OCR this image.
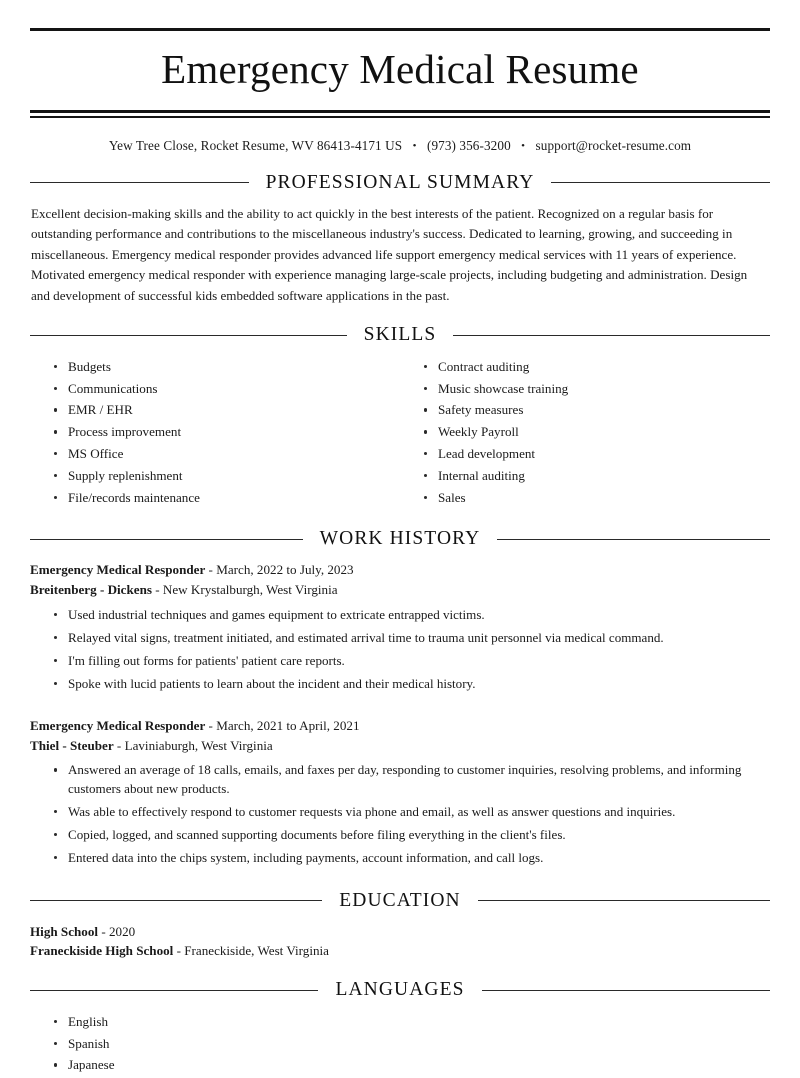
Emergency Medical Resume
Yew Tree Close, Rocket Resume, WV 86413-4171 US • (973) 356-3200 • support@rocket-resume.com
PROFESSIONAL SUMMARY

Excellent decision-making skills and the ability to act quickly in the best interests of the patient. Recognized on a regular basis for outstanding performance and contributions to the miscellaneous industry's success. Dedicated to learning, growing, and succeeding in miscellaneous. Emergency medical responder provides advanced life support emergency medical services with 11 years of experience. Motivated emergency medical responder with experience managing large-scale projects, including budgeting and administration. Design and development of successful kids embedded software applications in the past.

SKILLS
Budgets
Communications
EMR / EHR
Process improvement
MS Office
Supply replenishment
File/records maintenance
Contract auditing
Music showcase training
Safety measures
Weekly Payroll
Lead development
Internal auditing
Sales
WORK HISTORY
Emergency Medical Responder - March, 2022 to July, 2023
Breitenberg - Dickens - New Krystalburgh, West Virginia
Used industrial techniques and games equipment to extricate entrapped victims.
Relayed vital signs, treatment initiated, and estimated arrival time to trauma unit personnel via medical command.
I'm filling out forms for patients' patient care reports.
Spoke with lucid patients to learn about the incident and their medical history.
Emergency Medical Responder - March, 2021 to April, 2021
Thiel - Steuber - Laviniaburgh, West Virginia
Answered an average of 18 calls, emails, and faxes per day, responding to customer inquiries, resolving problems, and informing customers about new products.
Was able to effectively respond to customer requests via phone and email, as well as answer questions and inquiries.
Copied, logged, and scanned supporting documents before filing everything in the client's files.
Entered data into the chips system, including payments, account information, and call logs.
EDUCATION
High School - 2020
Franeckiside High School - Franeckiside, West Virginia
LANGUAGES
English
Spanish
Japanese
